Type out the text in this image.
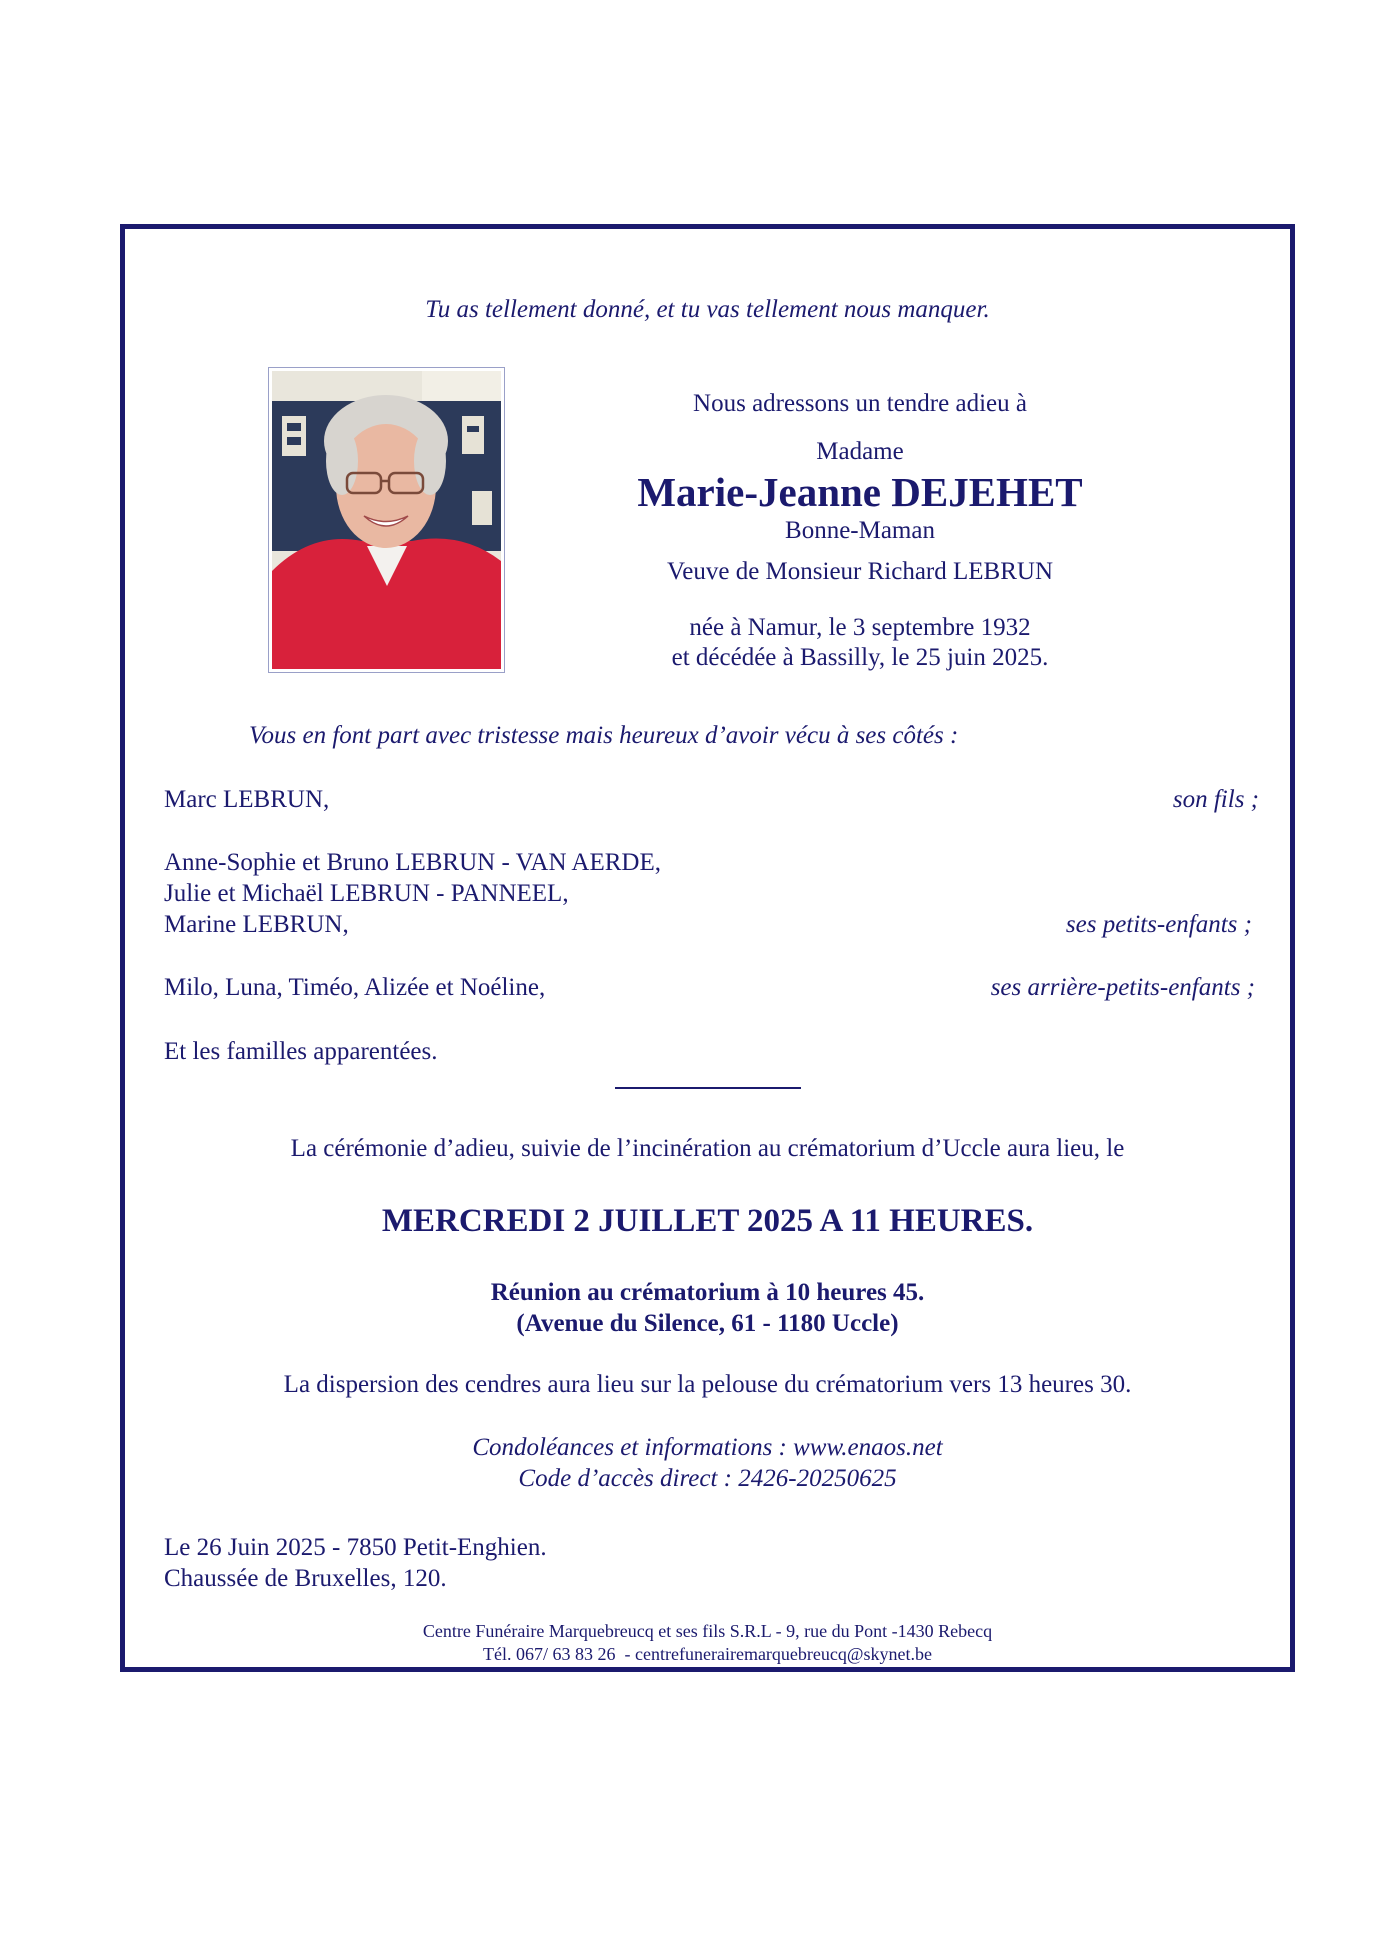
Tu as tellement donné, et tu vas tellement nous manquer.
Nous adressons un tendre adieu à
Madame
Marie-Jeanne DEJEHET
Bonne-Maman
Veuve de Monsieur Richard LEBRUN
née à Namur, le 3 septembre 1932
et décédée à Bassilly, le 25 juin 2025.
Vous en font part avec tristesse mais heureux d’avoir vécu à ses côtés :
Marc LEBRUN,	son fils ;
Anne-Sophie et Bruno LEBRUN - VAN AERDE,
Julie et Michaël LEBRUN - PANNEEL,
Marine LEBRUN,	ses petits-enfants ;
Milo, Luna, Timéo, Alizée et Noéline,	ses arrière-petits-enfants ;
Et les familles apparentées.
La cérémonie d’adieu, suivie de l’incinération au crématorium d’Uccle aura lieu, le
MERCREDI 2 JUILLET 2025 A 11 HEURES.
Réunion au crématorium à 10 heures 45.
(Avenue du Silence, 61 - 1180 Uccle)
La dispersion des cendres aura lieu sur la pelouse du crématorium vers 13 heures 30.
Condoléances et informations : www.enaos.net
Code d’accès direct : 2426-20250625
Le 26 Juin 2025 - 7850 Petit-Enghien.
Chaussée de Bruxelles, 120.
Centre Funéraire Marquebreucq et ses fils S.R.L - 9, rue du Pont -1430 Rebecq
Tél. 067/ 63 83 26  - centrefunerairemarquebreucq@skynet.be
